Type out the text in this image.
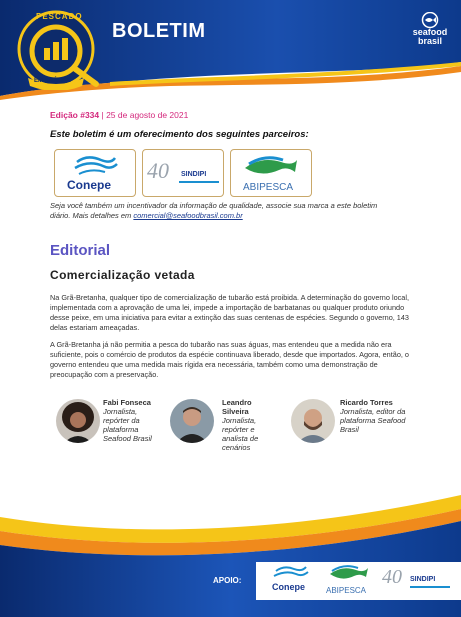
PESCADO
EM ANÁLISE
BOLETIM	seafood
brasil
Edição #334 | 25 de agosto de 2021
Este boletim é um oferecimento dos seguintes parceiros:
Conepe
40 SINDIPI
ABIPESCA
Seja você também um incentivador da informação de qualidade, associe sua marca a este boletim diário. Mais detalhes em comercial@seafoodbrasil.com.br
Editorial
Comercialização vetada
Na Grã-Bretanha, qualquer tipo de comercialização de tubarão está proibida. A determinação do governo local, implementada com a aprovação de uma lei, impede a importação de barbatanas ou qualquer produto oriundo desse peixe, em uma iniciativa para evitar a extinção das suas centenas de espécies. Segundo o governo, 143 delas estariam ameaçadas.
A Grã-Bretanha já não permitia a pesca do tubarão nas suas águas, mas entendeu que a medida não era suficiente, pois o comércio de produtos da espécie continuava liberado, desde que importados. Agora, então, o governo entendeu que uma medida mais rígida era necessária, também como uma demonstração de preocupação com a preservação.
Fabi Fonseca
Jornalista, repórter da plataforma Seafood Brasil
Leandro Silveira
Jornalista, repórter e analista de cenários
Ricardo Torres
Jornalista, editor da plataforma Seafood Brasil
APOIO:
Conepe	ABIPESCA
40 SINDIPI
